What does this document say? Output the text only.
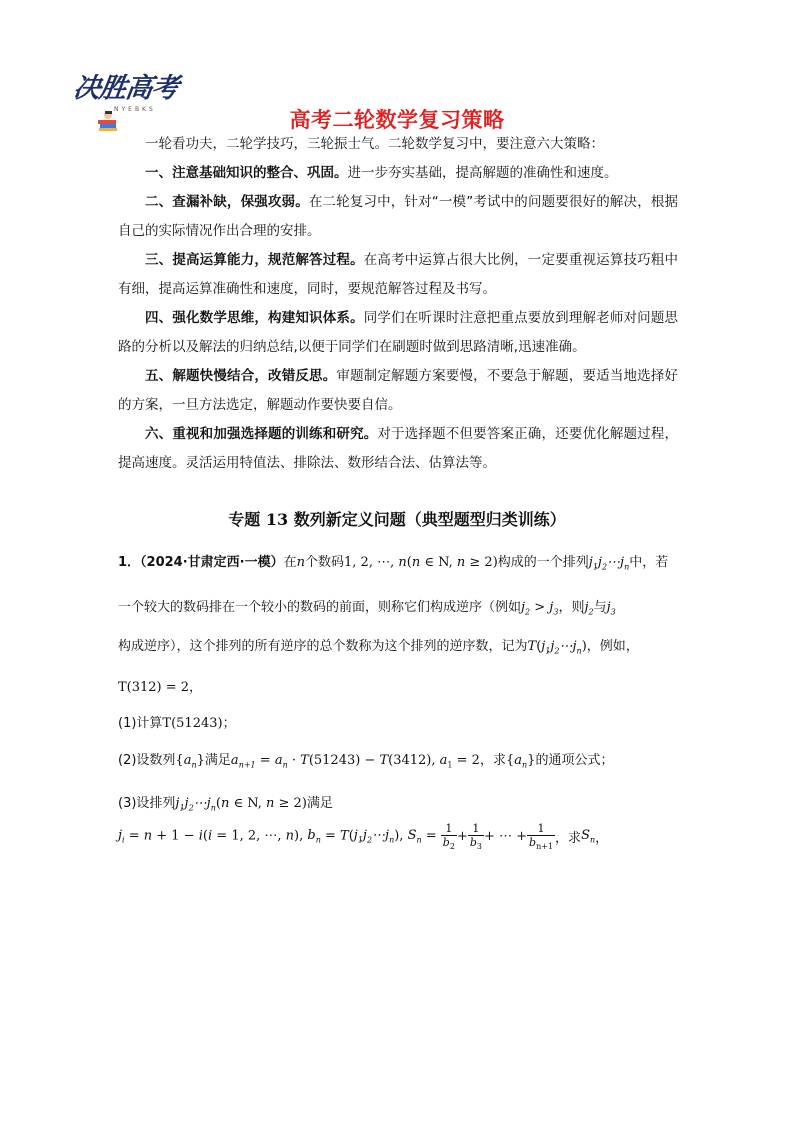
决胜高考
NYEBKS	高考二轮数学复习策略

一轮看功夫，二轮学技巧，三轮振士气。二轮数学复习中，要注意六大策略：

一、注意基础知识的整合、巩固。进一步夯实基础，提高解题的准确性和速度。

二、查漏补缺，保强攻弱。在二轮复习中，针对“一模”考试中的问题要很好的解决，根据自己的实际情况作出合理的安排。

三、提高运算能力，规范解答过程。在高考中运算占很大比例，一定要重视运算技巧粗中有细，提高运算准确性和速度，同时，要规范解答过程及书写。

四、强化数学思维，构建知识体系。同学们在听课时注意把重点要放到理解老师对问题思路的分析以及解法的归纳总结,以便于同学们在刷题时做到思路清晰,迅速准确。

五、解题快慢结合，改错反思。审题制定解题方案要慢，不要急于解题，要适当地选择好的方案，一旦方法选定，解题动作要快要自信。

六、重视和加强选择题的训练和研究。对于选择题不但要答案正确，还要优化解题过程，提高速度。灵活运用特值法、排除法、数形结合法、估算法等。

专题 13 数列新定义问题（典型题型归类训练）
1．（2024·甘肃定西·一模）在n个数码1, 2, ⋯, n(n ∈ N, n ≥ 2)构成的一个排列$j_1j_2\cdots j_n$中，若
一个较大的数码排在一个较小的数码的前面，则称它们构成逆序（例如$j_2 > j_3$，则$j_2$与$j_3$
构成逆序），这个排列的所有逆序的总个数称为这个排列的逆序数，记为$T(j_1j_2\cdots j_n)$，例如，
T(312) = 2，
(1)计算T(51243)；
(2)设数列$\{a_n\}$满足$a_{n+1} = a_n \cdot T(51243) - T(3412)$, $a_1 = 2$，求$\{a_n\}$的通项公式；
(3)设排列$j_1j_2\cdots j_n(n$ ∈ N, n ≥ 2)满足
$j_i = n + 1 - i(i = 1$, 2, ⋯, n), $b_n$ = $T(j_1j_2\cdots j_n)$, $S_n = \frac{1}{b_2} + \frac{1}{b_3}$ + ⋯ + $\frac{1}{b_{n+1}}$ ，求$S_n$，
